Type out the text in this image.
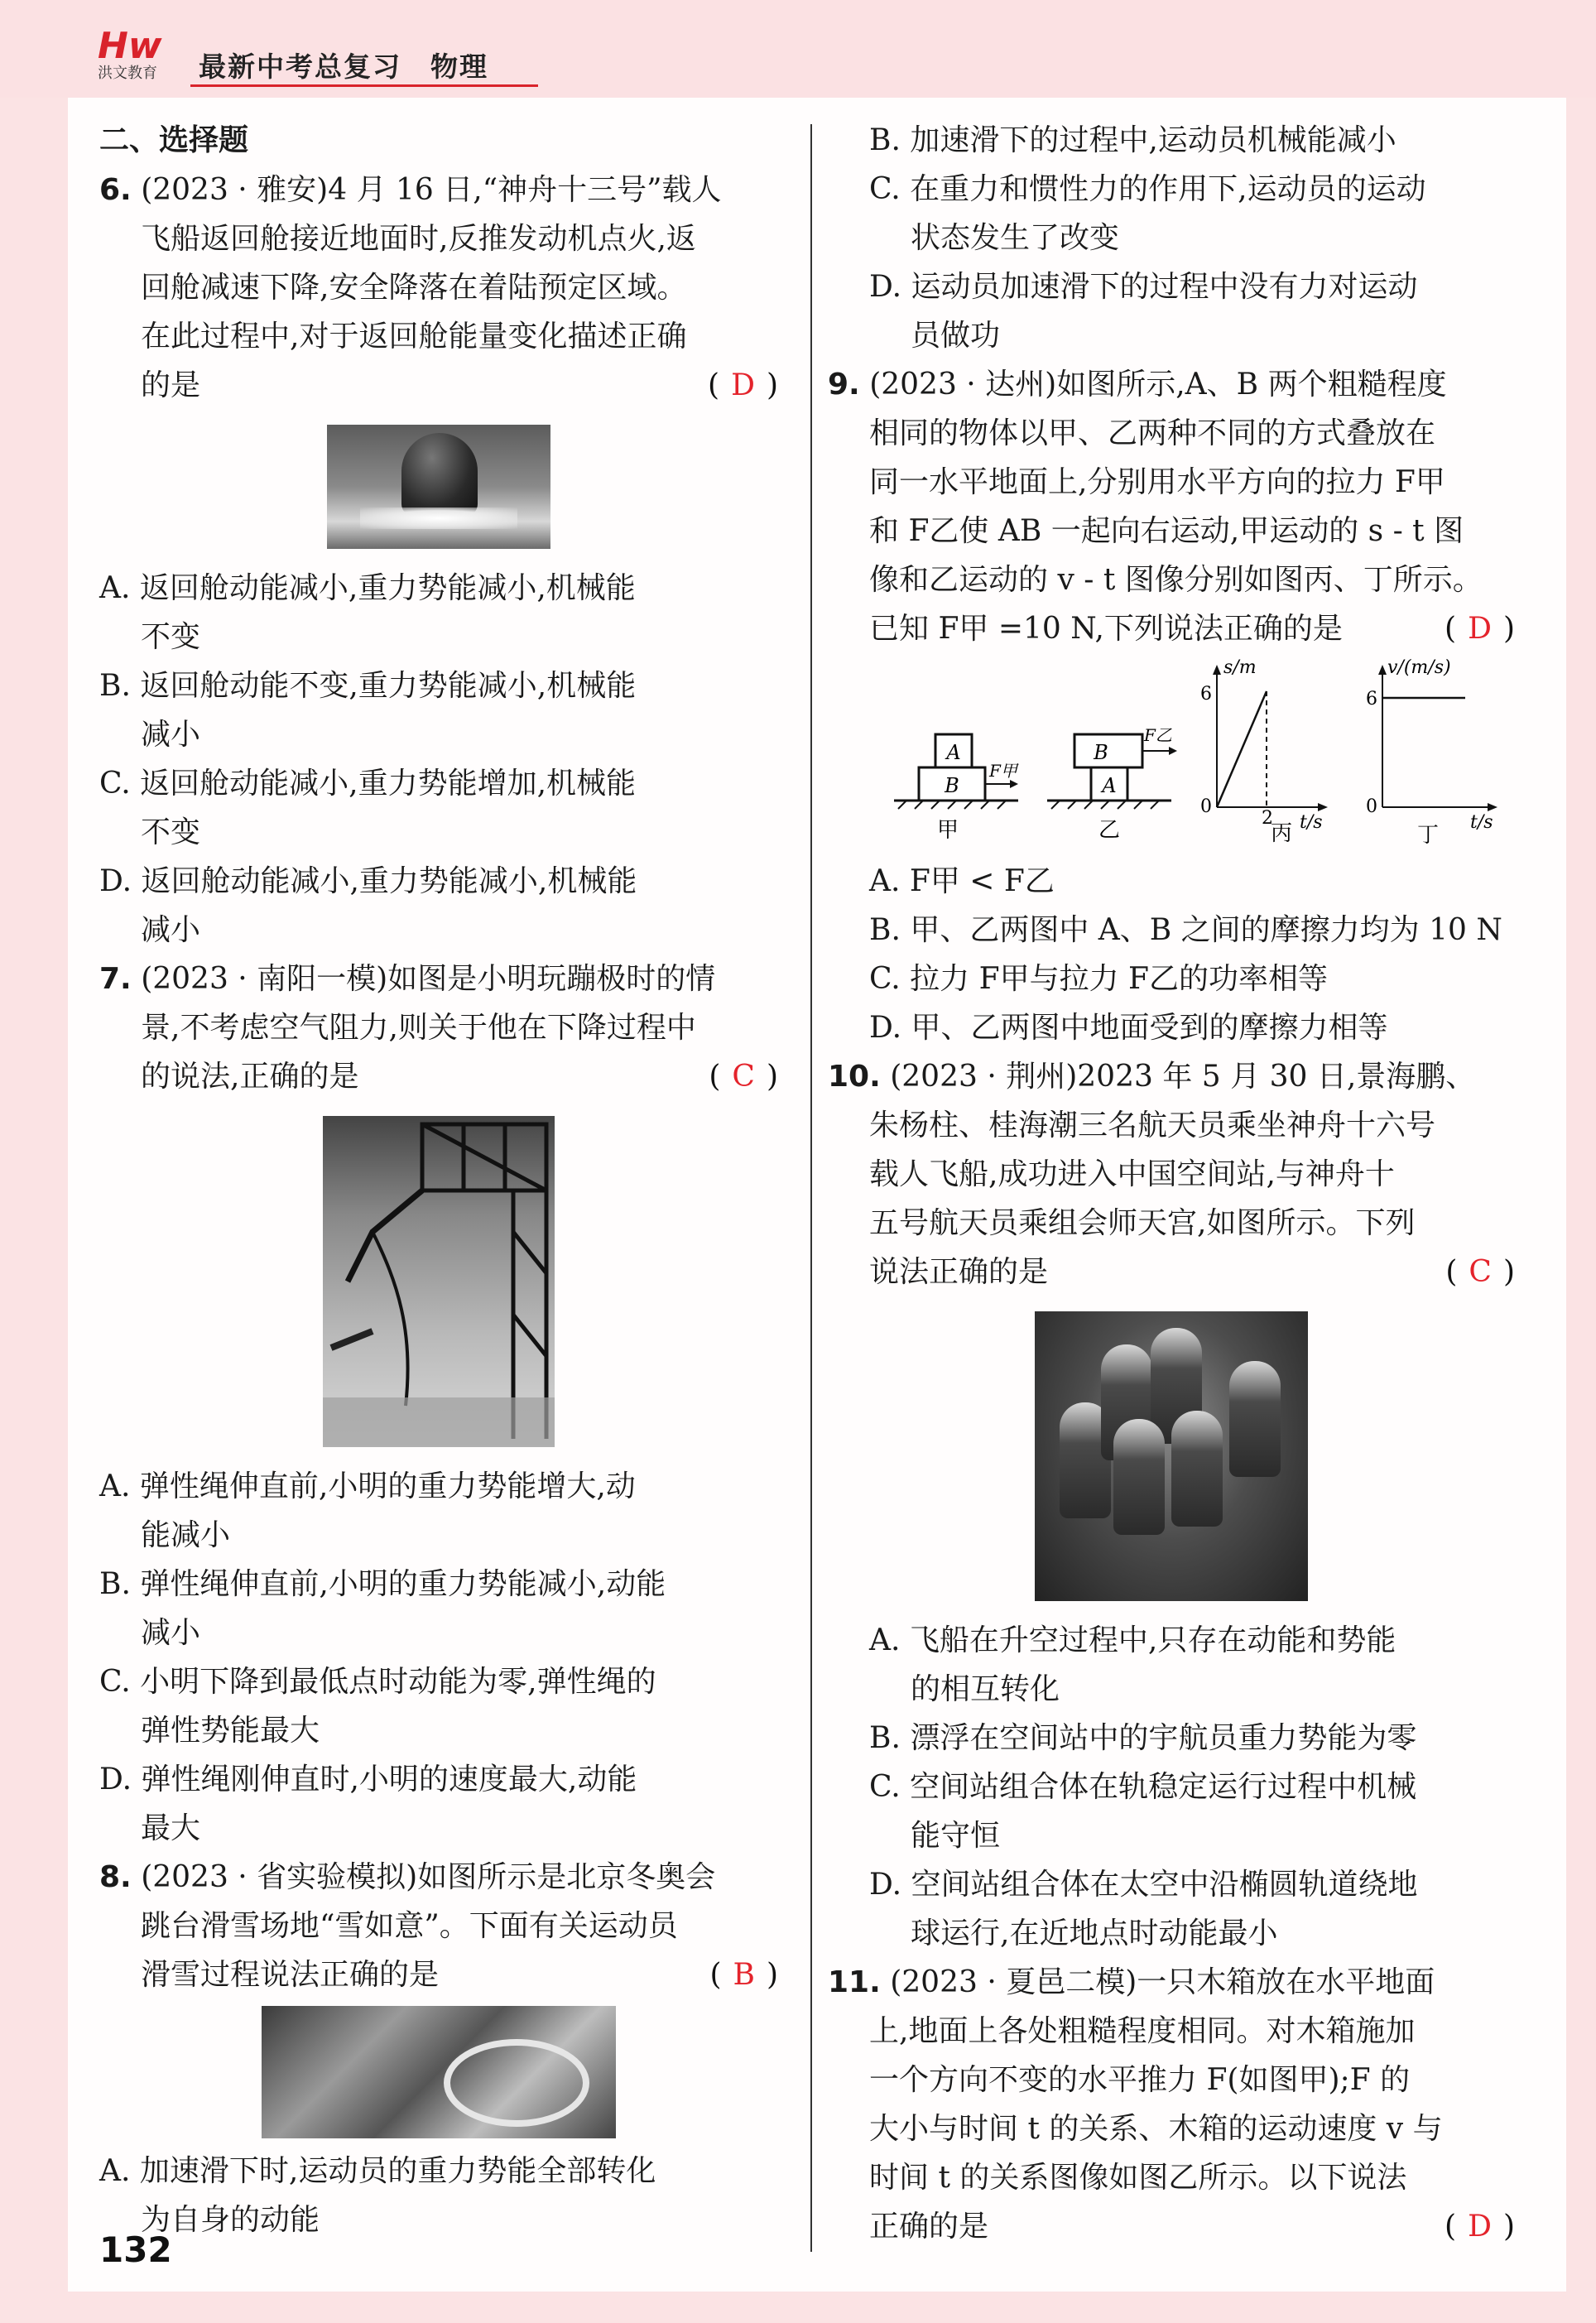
Hw
洪文教育	最新中考总复习　物理
二、选择题
6. (2023 · 雅安)4 月 16 日,“神舟十三号”载人
飞船返回舱接近地面时,反推发动机点火,返
回舱减速下降,安全降落在着陆预定区域。
在此过程中,对于返回舱能量变化描述正确
的是	( D )
A. 返回舱动能减小,重力势能减小,机械能
不变
B. 返回舱动能不变,重力势能减小,机械能
减小
C. 返回舱动能减小,重力势能增加,机械能
不变
D. 返回舱动能减小,重力势能减小,机械能
减小
7. (2023 · 南阳一模)如图是小明玩蹦极时的情
景,不考虑空气阻力,则关于他在下降过程中
的说法,正确的是	( C )
A. 弹性绳伸直前,小明的重力势能增大,动
能减小
B. 弹性绳伸直前,小明的重力势能减小,动能
减小
C. 小明下降到最低点时动能为零,弹性绳的
弹性势能最大
D. 弹性绳刚伸直时,小明的速度最大,动能
最大
8. (2023 · 省实验模拟)如图所示是北京冬奥会
跳台滑雪场地“雪如意”。下面有关运动员
滑雪过程说法正确的是	( B )
A. 加速滑下时,运动员的重力势能全部转化
为自身的动能
B. 加速滑下的过程中,运动员机械能减小
C. 在重力和惯性力的作用下,运动员的运动
状态发生了改变
D. 运动员加速滑下的过程中没有力对运动
员做功
9. (2023 · 达州)如图所示,A、B 两个粗糙程度
相同的物体以甲、乙两种不同的方式叠放在
同一水平地面上,分别用水平方向的拉力 F甲
和 F乙使 AB 一起向右运动,甲运动的 s - t 图
像和乙运动的 v - t 图像分别如图丙、丁所示。
已知 F甲 =10 N,下列说法正确的是	( D )
B
A
F甲
甲
A
B
F乙
乙
s/m
6
0
2 t/s
丙
v/(m/s)
6
0
t/s
丁
A. F甲 < F乙
B. 甲、乙两图中 A、B 之间的摩擦力均为 10 N
C. 拉力 F甲与拉力 F乙的功率相等
D. 甲、乙两图中地面受到的摩擦力相等
10. (2023 · 荆州)2023 年 5 月 30 日,景海鹏、
朱杨柱、桂海潮三名航天员乘坐神舟十六号
载人飞船,成功进入中国空间站,与神舟十
五号航天员乘组会师天宫,如图所示。下列
说法正确的是	( C )
A. 飞船在升空过程中,只存在动能和势能
的相互转化
B. 漂浮在空间站中的宇航员重力势能为零
C. 空间站组合体在轨稳定运行过程中机械
能守恒
D. 空间站组合体在太空中沿椭圆轨道绕地
球运行,在近地点时动能最小
11. (2023 · 夏邑二模)一只木箱放在水平地面
上,地面上各处粗糙程度相同。对木箱施加
一个方向不变的水平推力 F(如图甲);F 的
大小与时间 t 的关系、木箱的运动速度 v 与
时间 t 的关系图像如图乙所示。以下说法
正确的是	( D )
132
